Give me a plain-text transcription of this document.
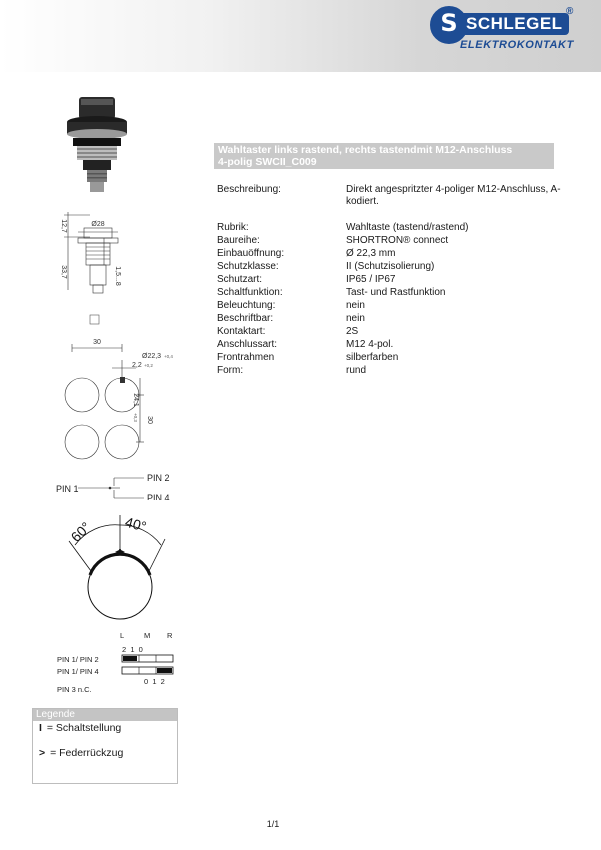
S
SCHLEGEL
®
ELEKTROKONTAKT
Wahltaster links rastend, rechts tastendmit M12-Anschluss
4-polig SWCII_C009
Beschreibung:	Direkt angespritzter 4-poliger M12-Anschluss, A-
kodiert.
Rubrik:	Wahltaste (tastend/rastend)
Baureihe:	SHORTRON® connect
Einbauöffnung:	Ø 22,3 mm
Schutzklasse:	II (Schutzisolierung)
Schutzart:	IP65 / IP67
Schaltfunktion:	Tast- und Rastfunktion
Beleuchtung:	nein
Beschriftbar:	nein
Kontaktart:	2S
Anschlussart:	M12 4-pol.
Frontrahmen	silberfarben
Form:	rund
12,7	Ø28
33,7	1,5...8
30
Ø22,3 +0,4
2,2 +0,2
24,1
+0,3 30
PIN 1
PIN 2
PIN 4
60° 40°
L	M R
2  1  0
PIN 1/ PIN 2
PIN 1/ PIN 4
0  1  2
PIN 3 n.C.
Legende
I = Schaltstellung
> = Federrückzug
1/1
